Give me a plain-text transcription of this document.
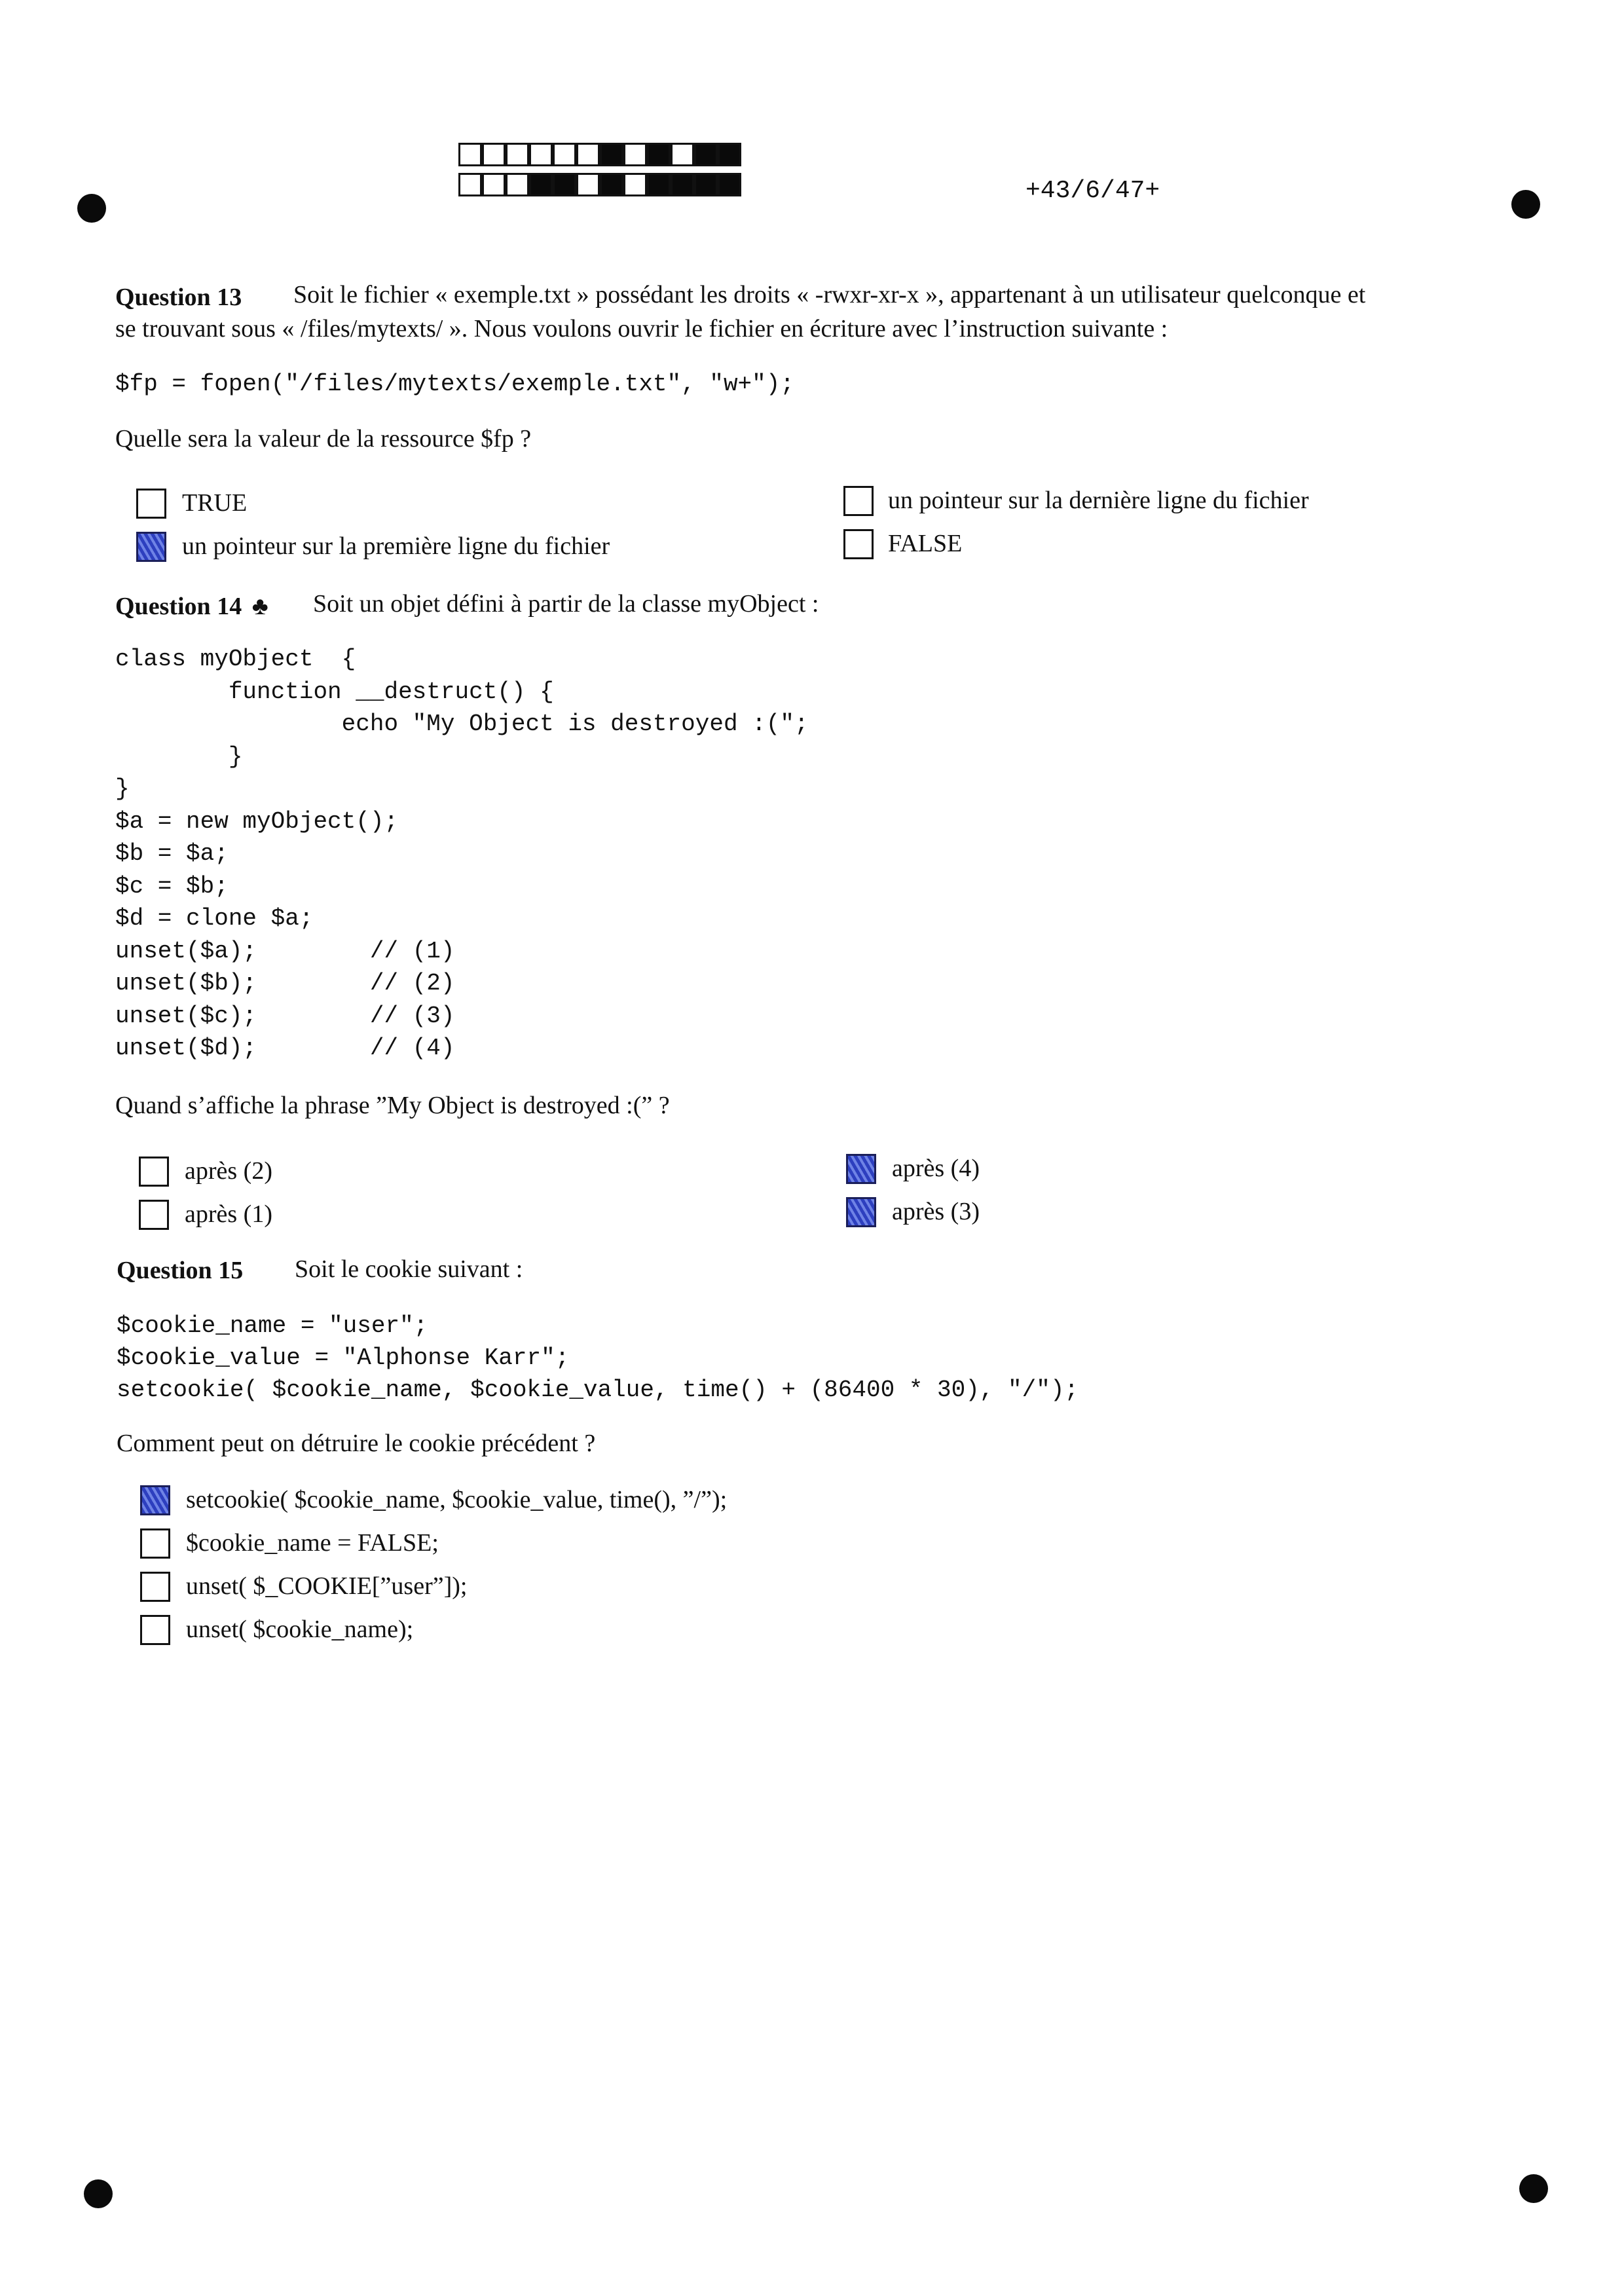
+43/6/47+
Question 13 Soit le fichier « exemple.txt » possédant les droits « -rwxr-xr-x », appartenant à un utilisateur quelconque et
se trouvant sous « /files/mytexts/ ». Nous voulons ouvrir le fichier en écriture avec l’instruction suivante :
$fp = fopen("/files/mytexts/exemple.txt", "w+");
Quelle sera la valeur de la ressource $fp ?
TRUE
un pointeur sur la première ligne du fichier
un pointeur sur la dernière ligne du fichier
FALSE
Question 14 ♣ Soit un objet défini à partir de la classe myObject :
class myObject  {
function __destruct() {
echo "My Object is destroyed :(";
}
}
$a = new myObject();
$b = $a;
$c = $b;
$d = clone $a;
unset($a);        // (1)
unset($b);        // (2)
unset($c);        // (3)
unset($d);        // (4)
Quand s’affiche la phrase ”My Object is destroyed :(” ?
après (2)
après (1)
après (4)
après (3)
Question 15 Soit le cookie suivant :
$cookie_name = "user";
$cookie_value = "Alphonse Karr";
setcookie( $cookie_name, $cookie_value, time() + (86400 * 30), "/");
Comment peut on détruire le cookie précédent ?
setcookie( $cookie_name, $cookie_value, time(), ”/”);
$cookie_name = FALSE;
unset( $_COOKIE[”user”]);
unset( $cookie_name);
